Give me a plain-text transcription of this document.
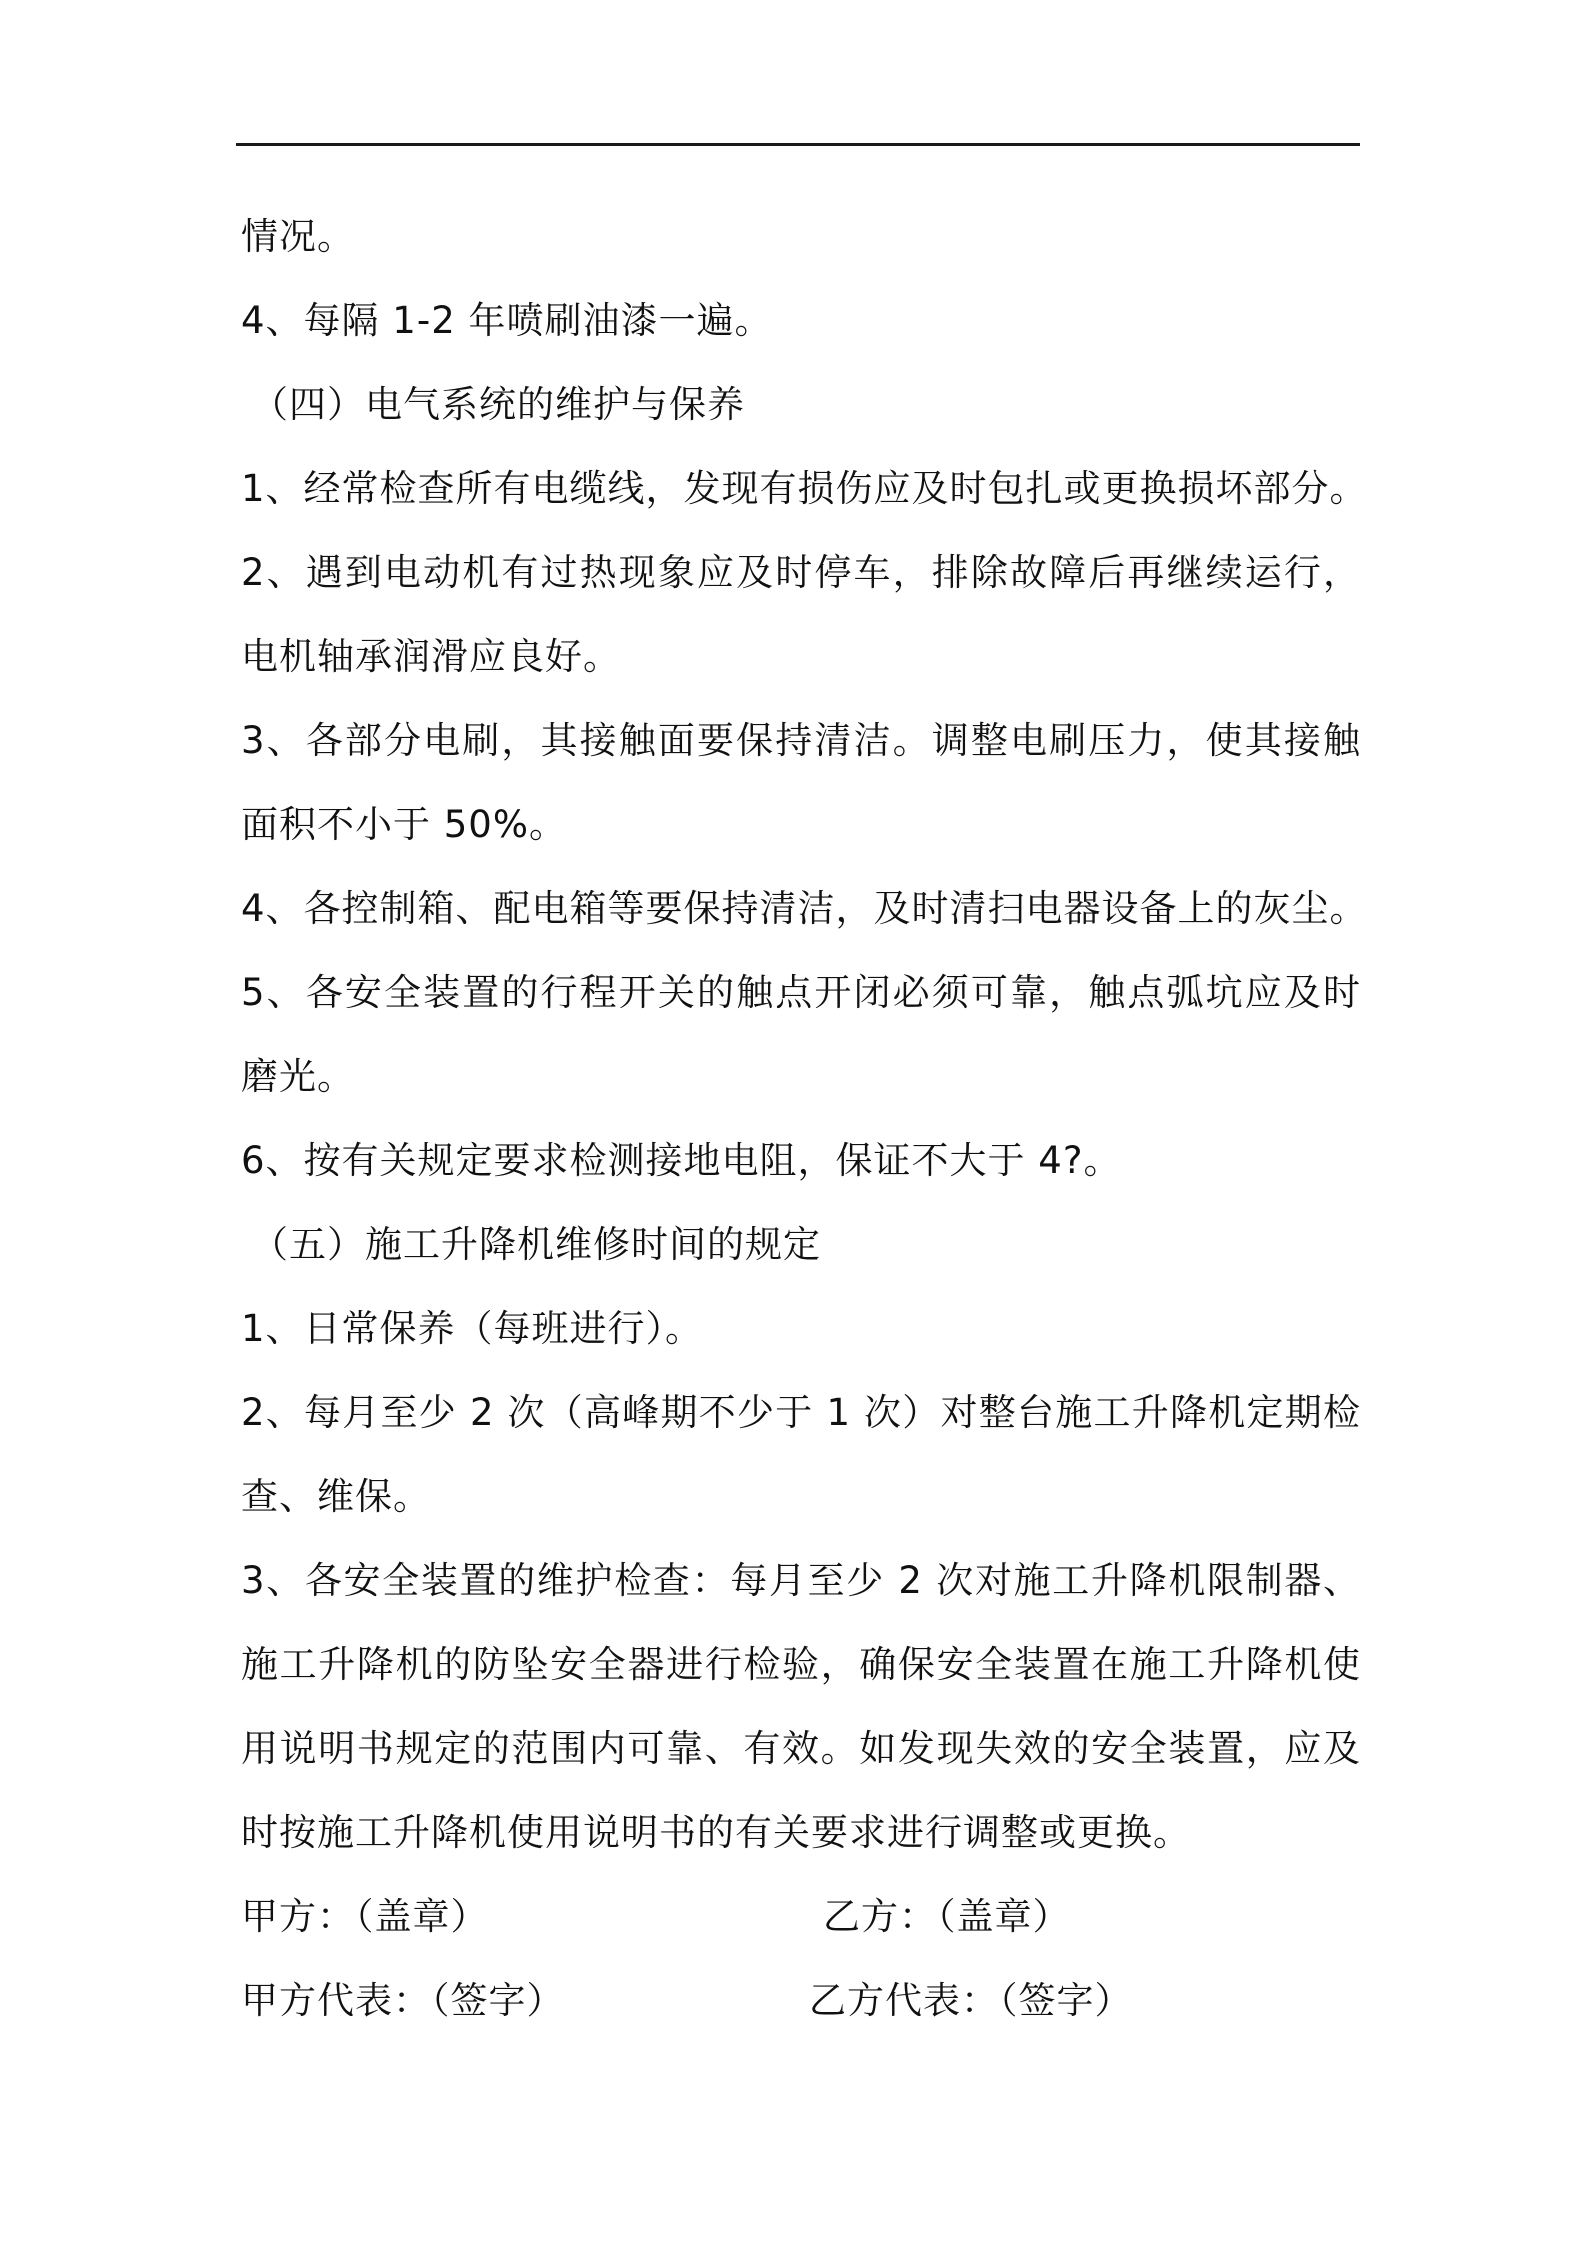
情况。

4、每隔 1-2 年喷刷油漆一遍。

（四）电气系统的维护与保养

1、经常检查所有电缆线，发现有损伤应及时包扎或更换损坏部分。

2、遇到电动机有过热现象应及时停车，排除故障后再继续运行，电机轴承润滑应良好。

3、各部分电刷，其接触面要保持清洁。调整电刷压力，使其接触面积不小于 50%。

4、各控制箱、配电箱等要保持清洁，及时清扫电器设备上的灰尘。

5、各安全装置的行程开关的触点开闭必须可靠，触点弧坑应及时磨光。

6、按有关规定要求检测接地电阻，保证不大于 4?。

（五）施工升降机维修时间的规定

1、日常保养（每班进行）。

2、每月至少 2 次（高峰期不少于 1 次）对整台施工升降机定期检查、维保。

3、各安全装置的维护检查：每月至少 2 次对施工升降机限制器、施工升降机的防坠安全器进行检验，确保安全装置在施工升降机使用说明书规定的范围内可靠、有效。如发现失效的安全装置，应及时按施工升降机使用说明书的有关要求进行调整或更换。

甲方：（盖章）	乙方：（盖章）
甲方代表：（签字）	乙方代表：（签字）
